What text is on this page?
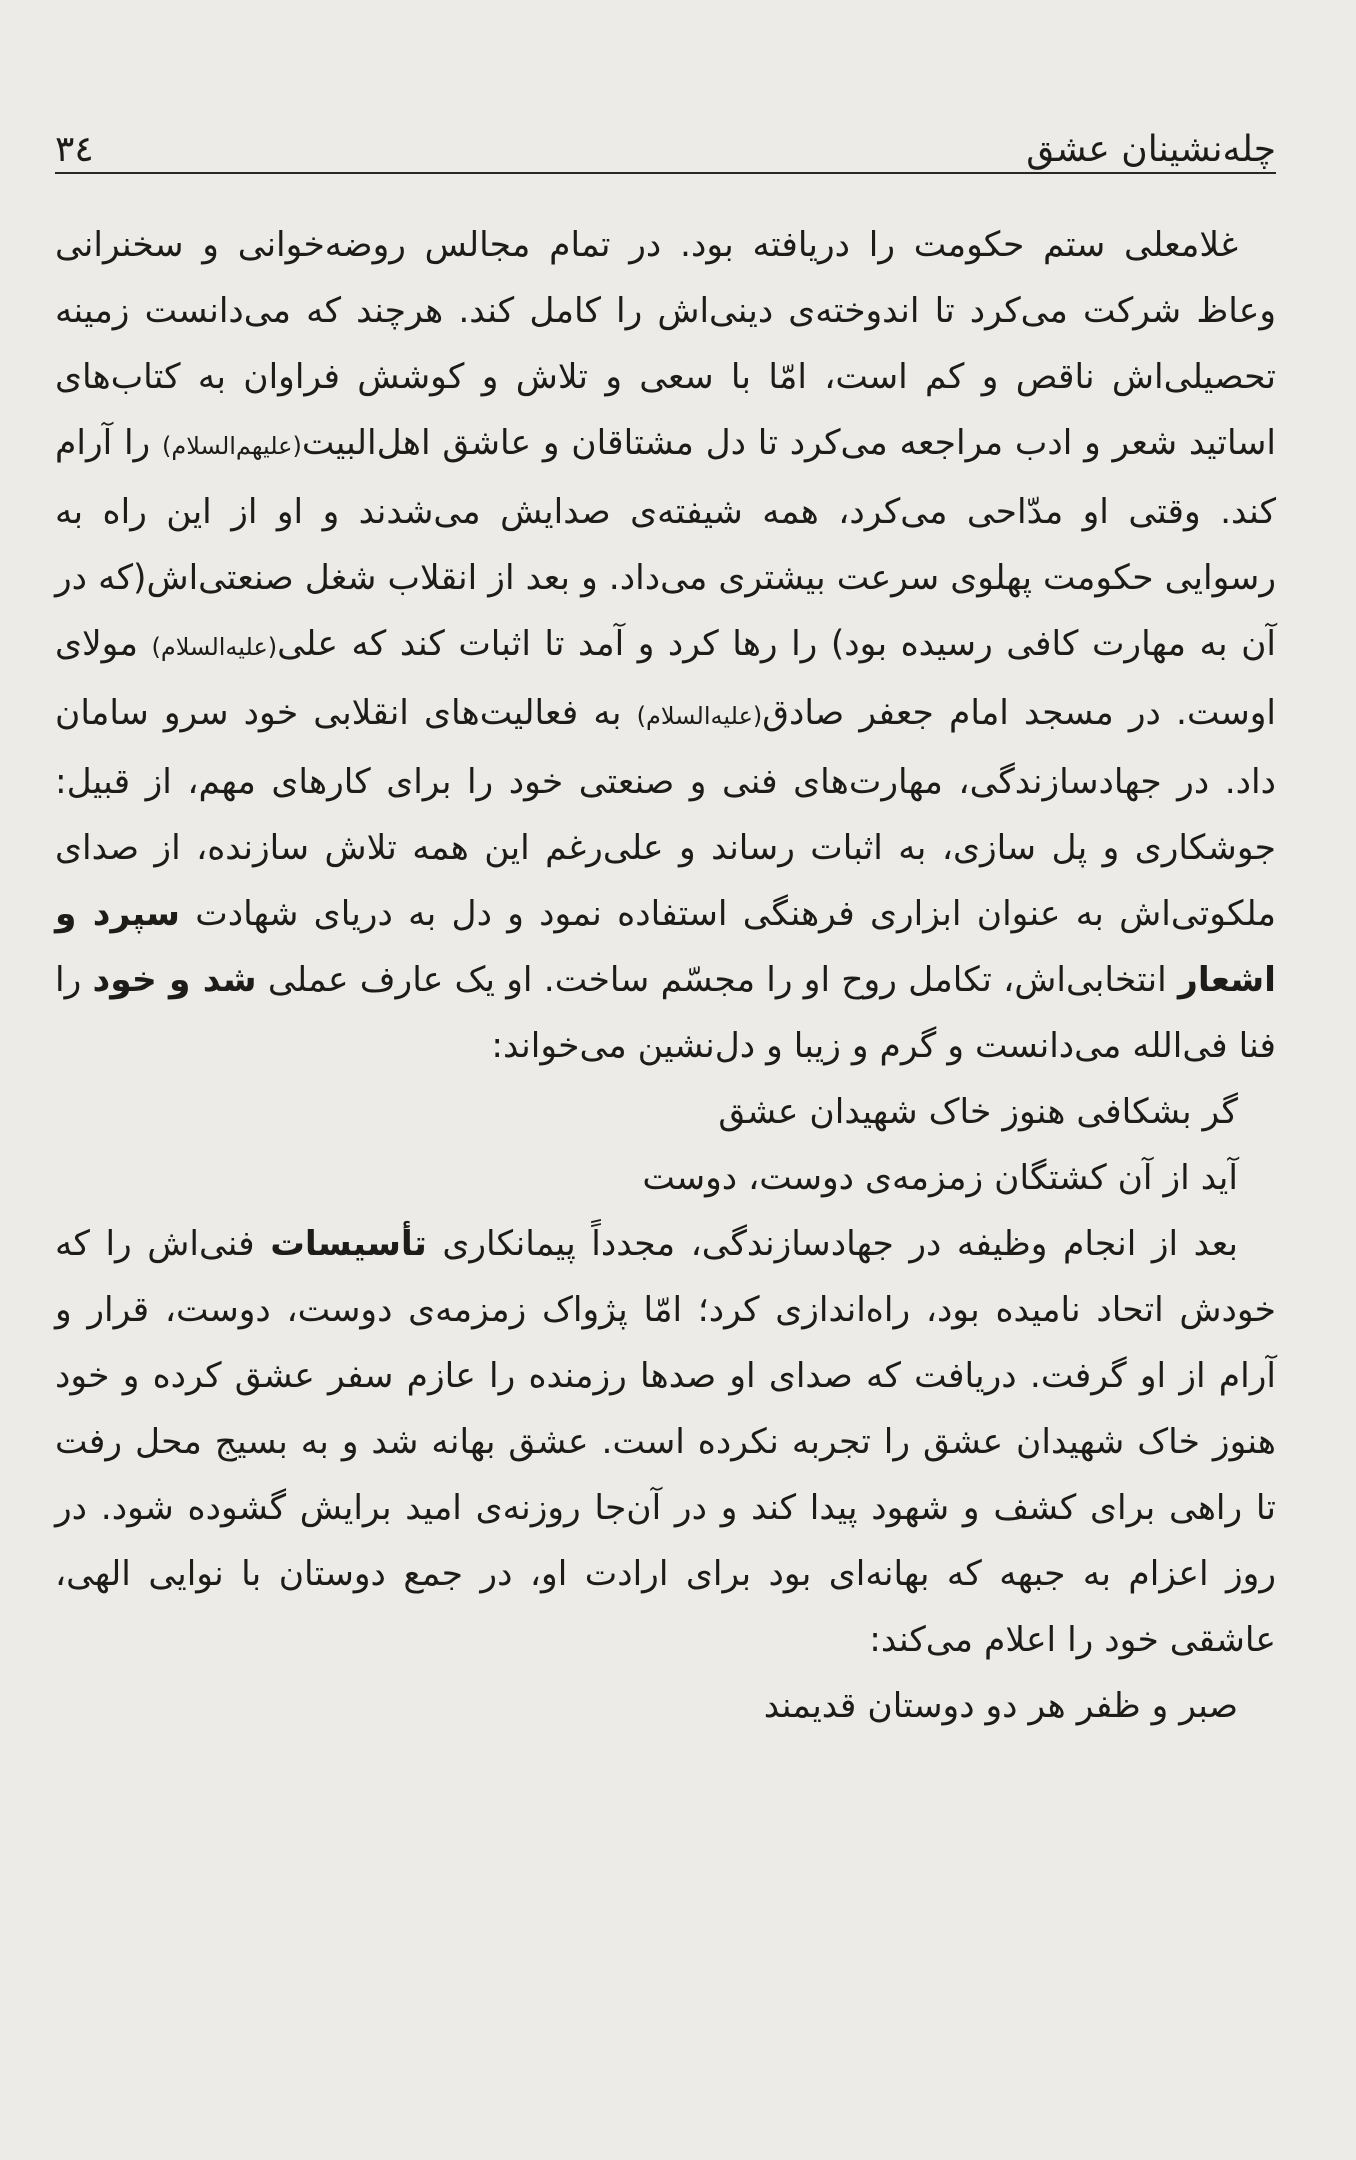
چله‌نشینان عشق
۳٤

غلامعلی ستم حکومت را دریافته بود. در تمام مجالس روضه‌خوانی و سخنرانی وعاظ شرکت می‌کرد تا اندوخته‌ی دینی‌اش را کامل کند. هرچند که می‌دانست زمینه تحصیلی‌اش ناقص و کم است، امّا با سعی و تلاش و کوشش فراوان به کتاب‌های اساتید شعر و ادب مراجعه می‌کرد تا دل مشتاقان و عاشق اهل‌البیت(علیهم‌السلام) را آرام کند. وقتی او مدّاحی می‌کرد، همه شیفته‌ی صدایش می‌شدند و او از این راه به رسوایی حکومت پهلوی سرعت بیشتری می‌داد. و بعد از انقلاب شغل صنعتی‌اش(که در آن به مهارت کافی رسیده بود) را رها کرد و آمد تا اثبات کند که علی(علیه‌السلام) مولای اوست. در مسجد امام جعفر صادق(علیه‌السلام) به فعالیت‌های انقلابی خود سرو سامان داد. در جهادسازندگی، مهارت‌های فنی و صنعتی خود را برای کارهای مهم، از قبیل: جوشکاری و پل سازی، به اثبات رساند و علی‌رغم این همه تلاش سازنده، از صدای ملکوتی‌اش به عنوان ابزاری فرهنگی استفاده نمود و دل به دریای شهادت سپرد و اشعار انتخابی‌اش، تکامل روح او را مجسّم ساخت. او یک عارف عملی شد و خود را فنا فی‌الله می‌دانست و گرم و زیبا و دل‌نشین می‌خواند:

گر بشکافی هنوز خاک شهیدان عشق
آید از آن کشتگان زمزمه‌ی دوست، دوست

بعد از انجام وظیفه در جهادسازندگی، مجدداً پیمانکاری تأسیسات فنی‌اش را که خودش اتحاد نامیده بود، راه‌اندازی کرد؛ امّا پژواک زمزمه‌ی دوست، دوست، قرار و آرام از او گرفت. دریافت که صدای او صدها رزمنده را عازم سفر عشق کرده و خود هنوز خاک شهیدان عشق را تجربه نکرده است. عشق بهانه شد و به بسیج محل رفت تا راهی برای کشف و شهود پیدا کند و در آن‌جا روزنه‌ی امید برایش گشوده شود. در روز اعزام به جبهه که بهانه‌ای بود برای ارادت او، در جمع دوستان با نوایی الهی، عاشقی خود را اعلام می‌کند:

صبر و ظفر هر دو دوستان قدیمند
